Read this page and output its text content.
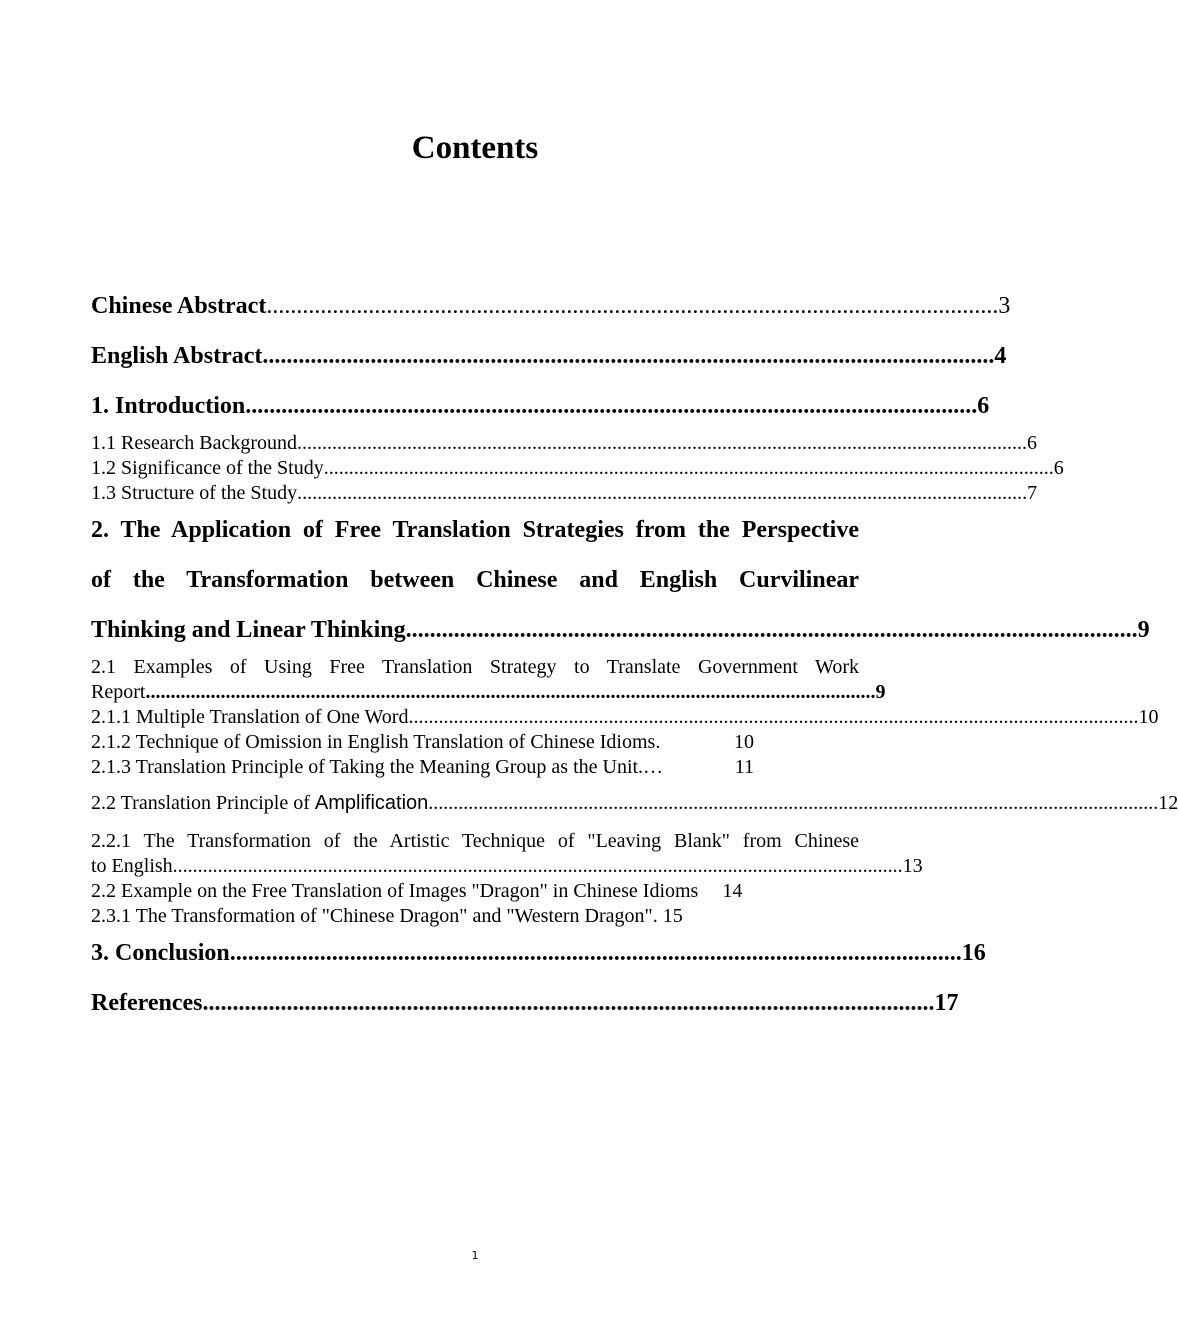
Contents
Chinese Abstract .......................................................................................................................... 3
English Abstract .......................................................................................................................... 4
1. Introduction .......................................................................................................................... 6
1.1 Research Background .................................................................................................................................................. 6
1.2 Significance of the Study .................................................................................................................................................. 6
1.3 Structure of the Study .................................................................................................................................................. 7
2. The Application of Free Translation Strategies from the Perspective
of the Transformation between Chinese and English Curvilinear
Thinking and Linear Thinking .......................................................................................................................... 9
2.1 Examples of Using Free Translation Strategy to Translate Government Work
Report .................................................................................................................................................. 9
2.1.1 Multiple Translation of One Word .................................................................................................................................................. 10
2.1.2 Technique of Omission in English Translation of Chinese Idioms.	10
2.1.3 Translation Principle of Taking the Meaning Group as the Unit.…	11
2.2 Translation Principle of Amplification .................................................................................................................................................. 12
2.2.1 The Transformation of the Artistic Technique of "Leaving Blank" from Chinese
to English .................................................................................................................................................. 13
2.2 Example on the Free Translation of Images "Dragon" in Chinese Idioms 14
2.3.1 The Transformation of "Chinese Dragon" and "Western Dragon". 15
3. Conclusion .......................................................................................................................... 16
References .......................................................................................................................... 17
1
